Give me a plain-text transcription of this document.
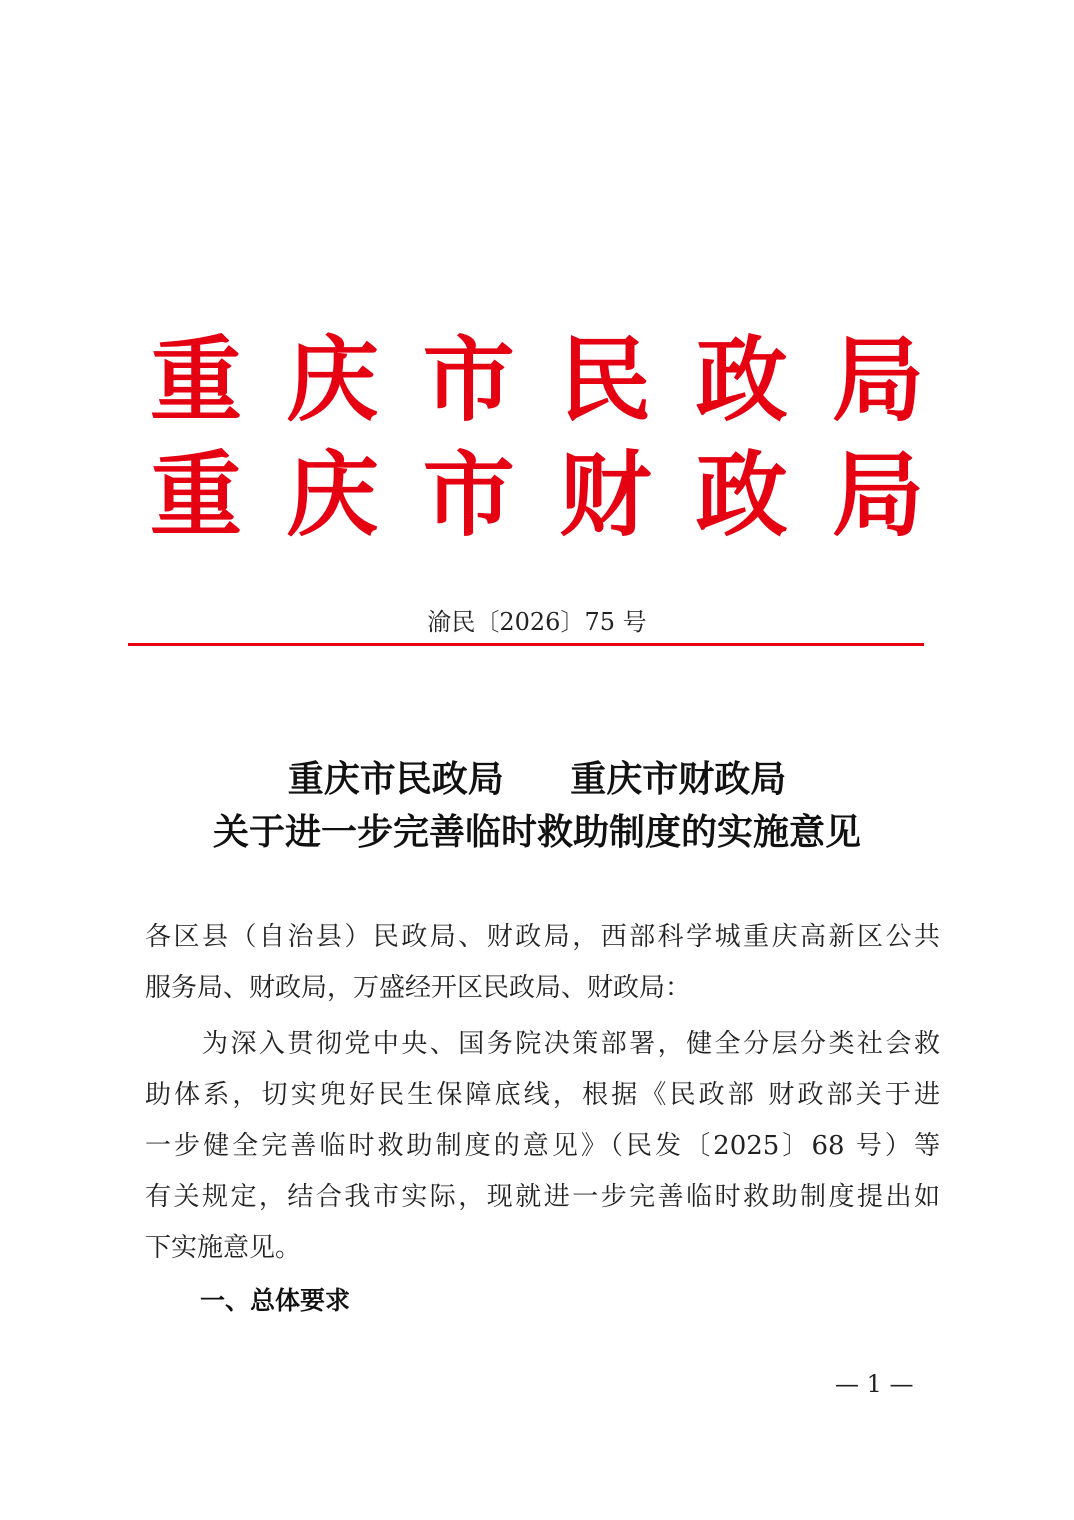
重庆市民政局
重庆市财政局
渝民〔2026〕75 号
重庆市民政局　 重庆市财政局
关于进一步完善临时救助制度的实施意见
各区县（自治县）民政局、财政局，西部科学城重庆高新区公共
服务局、财政局，万盛经开区民政局、财政局：
　　为深入贯彻党中央、国务院决策部署，健全分层分类社会救
助体系，切实兜好民生保障底线，根据《民政部 财政部关于进
一步健全完善临时救助制度的意见》（民发〔2025〕68 号）等
有关规定，结合我市实际，现就进一步完善临时救助制度提出如
下实施意见。
一、总体要求
— 1 —
